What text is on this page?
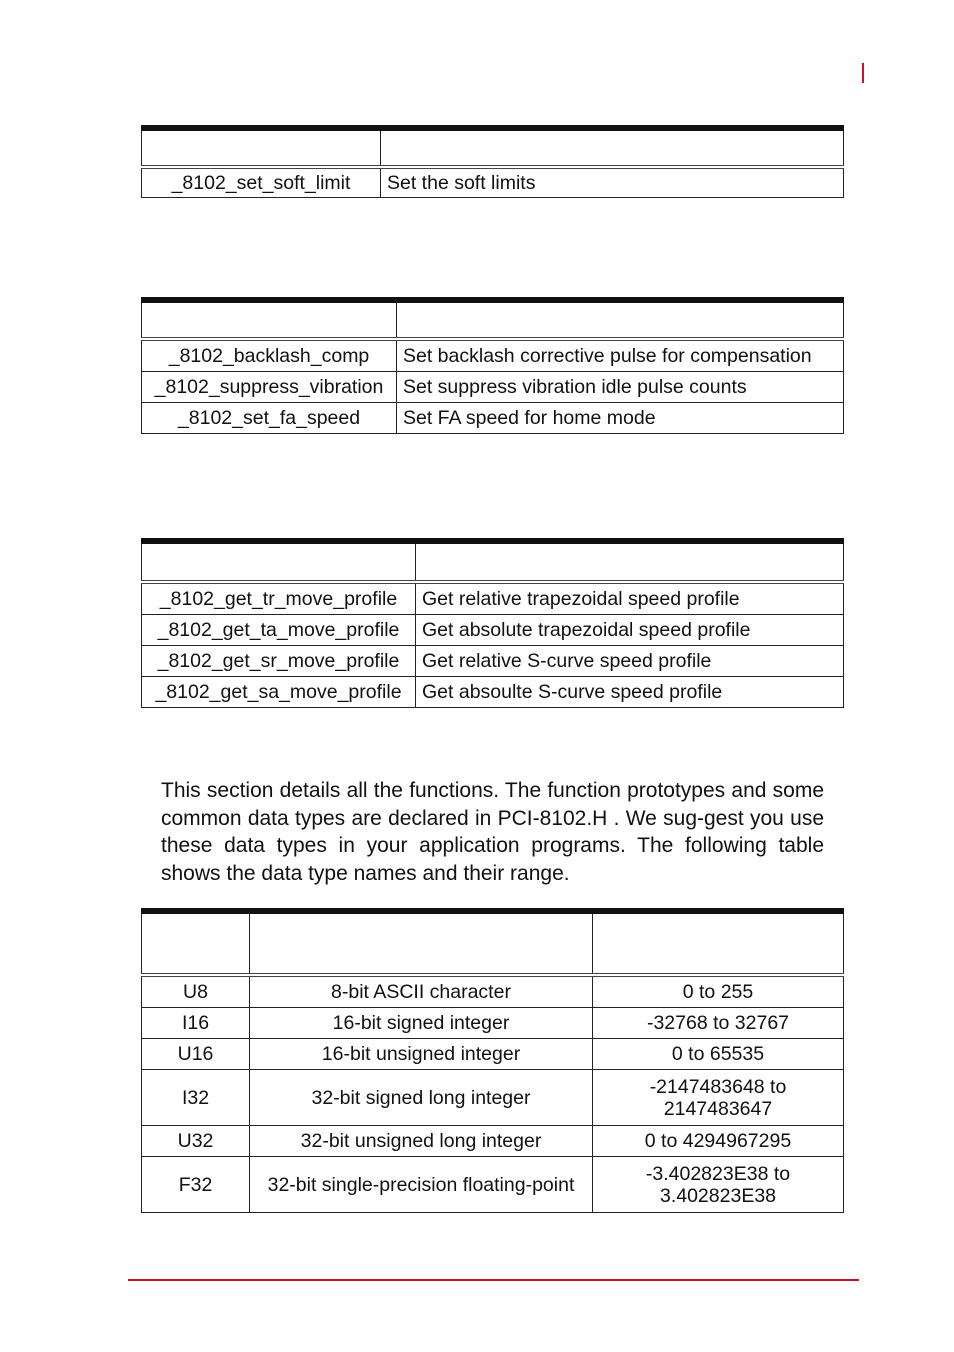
_8102_set_soft_limit	Set the soft limits

_8102_backlash_comp	Set backlash corrective pulse for compensation
_8102_suppress_vibration	Set suppress vibration idle pulse counts
_8102_set_fa_speed	Set FA speed for home mode

_8102_get_tr_move_profile	Get relative trapezoidal speed profile
_8102_get_ta_move_profile	Get absolute trapezoidal speed profile
_8102_get_sr_move_profile	Get relative S-curve speed profile
_8102_get_sa_move_profile	Get absoulte S-curve speed profile

This section details all the functions. The function prototypes and some common data types are declared in PCI-8102.H . We sug-gest you use these data types in your application programs. The following table shows the data type names and their range.

U8	8-bit ASCII character	0 to 255
I16	16-bit signed integer	-32768 to 32767
U16	16-bit unsigned integer	0 to 65535
I32	32-bit signed long integer	-2147483648 to
2147483647

U32	32-bit unsigned long integer	0 to 4294967295
F32	32-bit single-precision floating-point	-3.402823E38 to
3.402823E38
